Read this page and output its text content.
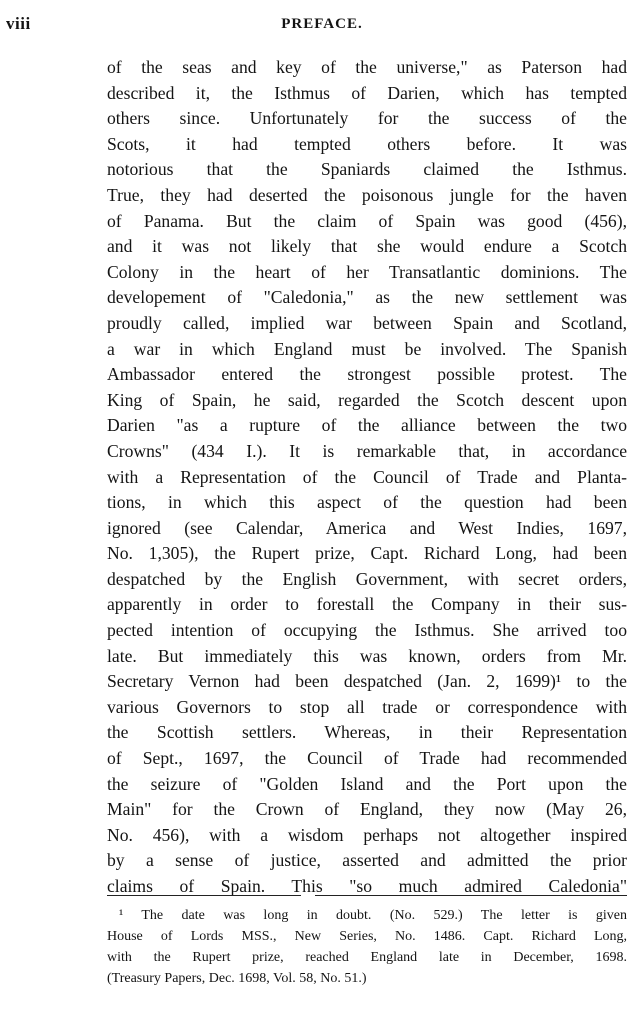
viii	PREFACE.
of the seas and key of the universe," as Paterson had
described it, the Isthmus of Darien, which has tempted
others since. Unfortunately for the success of the
Scots, it had tempted others before. It was
notorious that the Spaniards claimed the Isthmus.
True, they had deserted the poisonous jungle for the haven
of Panama. But the claim of Spain was good (456),
and it was not likely that she would endure a Scotch
Colony in the heart of her Transatlantic dominions. The
developement of "Caledonia," as the new settlement was
proudly called, implied war between Spain and Scotland,
a war in which England must be involved. The Spanish
Ambassador entered the strongest possible protest. The
King of Spain, he said, regarded the Scotch descent upon
Darien "as a rupture of the alliance between the two
Crowns" (434 I.). It is remarkable that, in accordance
with a Representation of the Council of Trade and Planta-
tions, in which this aspect of the question had been
ignored (see Calendar, America and West Indies, 1697,
No. 1,305), the Rupert prize, Capt. Richard Long, had been
despatched by the English Government, with secret orders,
apparently in order to forestall the Company in their sus-
pected intention of occupying the Isthmus. She arrived too
late. But immediately this was known, orders from Mr.
Secretary Vernon had been despatched (Jan. 2, 1699)¹ to the
various Governors to stop all trade or correspondence with
the Scottish settlers. Whereas, in their Representation
of Sept., 1697, the Council of Trade had recommended
the seizure of "Golden Island and the Port upon the
Main" for the Crown of England, they now (May 26,
No. 456), with a wisdom perhaps not altogether inspired
by a sense of justice, asserted and admitted the prior
claims of Spain. This "so much admired Caledonia"
¹ The date was long in doubt. (No. 529.) The letter is given
House of Lords MSS., New Series, No. 1486. Capt. Richard Long,
with the Rupert prize, reached England late in December, 1698.
(Treasury Papers, Dec. 1698, Vol. 58, No. 51.)
